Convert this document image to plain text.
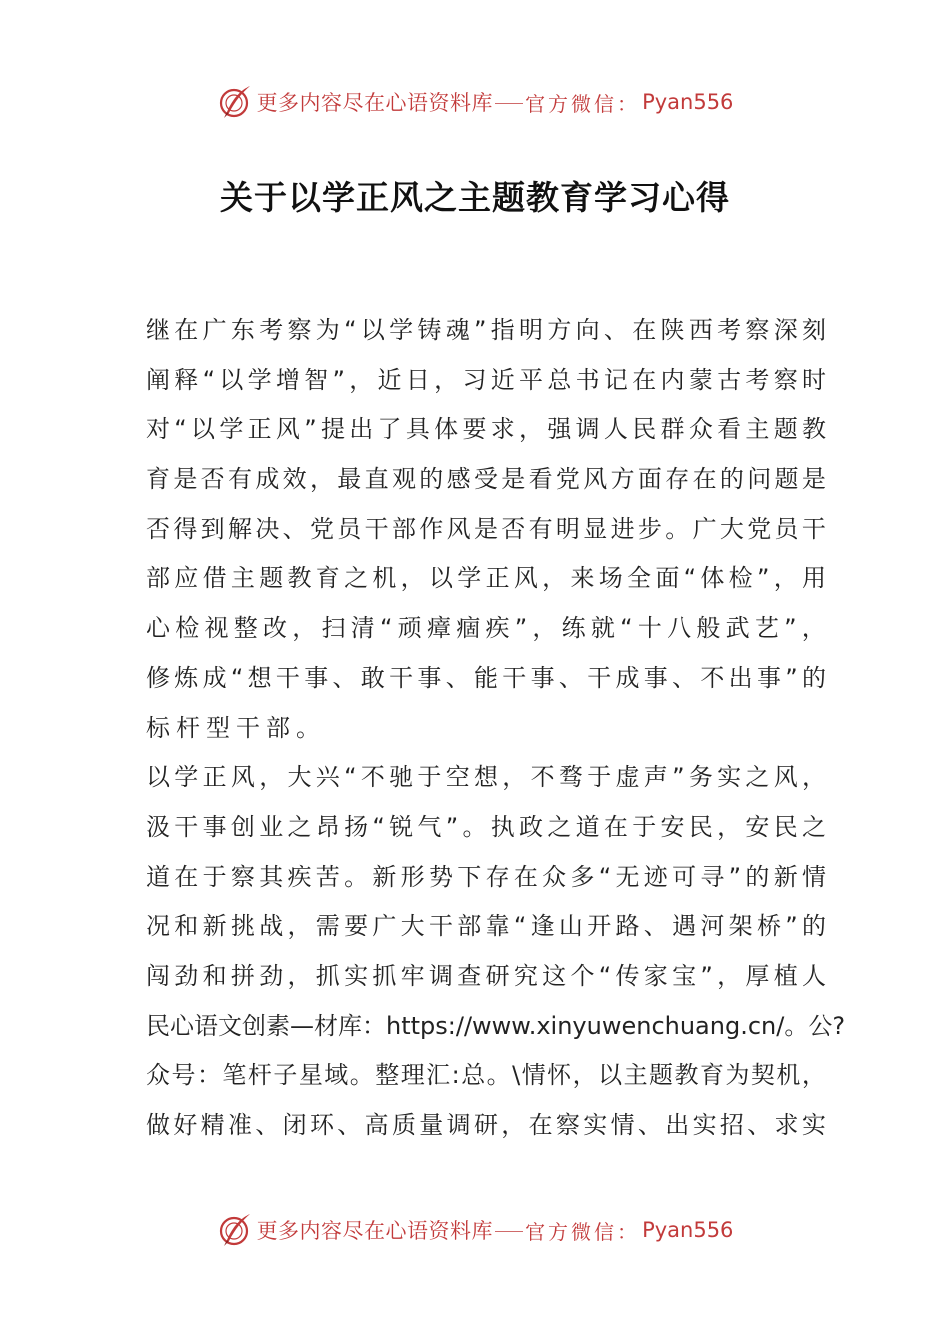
更多内容尽在心语资料库 官方微信： Pyan556
关于以学正风之主题教育学习心得
继 在 广 东 考 察 为 “ 以 学 铸 魂 ” 指 明 方 向 、 在 陕 西 考 察 深 刻
阐 释 “ 以 学 增 智 ” ， 近 日 ， 习 近 平 总 书 记 在 内 蒙 古 考 察 时
对 “ 以 学 正 风 ” 提 出 了 具 体 要 求 ， 强 调 人 民 群 众 看 主 题 教
育 是 否 有 成 效 ， 最 直 观 的 感 受 是 看 党 风 方 面 存 在 的 问 题 是
否 得 到 解 决 、 党 员 干 部 作 风 是 否 有 明 显 进 步 。 广 大 党 员 干
部 应 借 主 题 教 育 之 机 ， 以 学 正 风 ， 来 场 全 面 “ 体 检 ” ， 用
心 检 视 整 改 ， 扫 清 “ 顽 瘴 痼 疾 ” ， 练 就 “ 十 八 般 武 艺 ” ，
修 炼 成 “ 想 干 事 、 敢 干 事 、 能 干 事 、 干 成 事 、 不 出 事 ” 的
标杆型干部。
以 学 正 风 ， 大 兴 “ 不 驰 于 空 想 ， 不 骛 于 虚 声 ” 务 实 之 风 ，
汲 干 事 创 业 之 昂 扬 “ 锐 气 ” 。 执 政 之 道 在 于 安 民 ， 安 民 之
道 在 于 察 其 疾 苦 。 新 形 势 下 存 在 众 多 “ 无 迹 可 寻 ” 的 新 情
况 和 新 挑 战 ， 需 要 广 大 干 部 靠 “ 逢 山 开 路 、 遇 河 架 桥 ” 的
闯 劲 和 拼 劲 ， 抓 实 抓 牢 调 查 研 究 这 个 “ 传 家 宝 ” ， 厚 植 人
民 心 语 文 创 素 — 材 库 ： https://www.xinyuwenchuang.cn/ 。 公 ?
众 号 ： 笔 杆 子 星 域 。 整 理 汇 : 总 。 \ 情 怀 ， 以 主 题 教 育 为 契 机 ，
做 好 精 准 、 闭 环 、 高 质 量 调 研 ， 在 察 实 情 、 出 实 招 、 求 实
更多内容尽在心语资料库 官方微信： Pyan556
